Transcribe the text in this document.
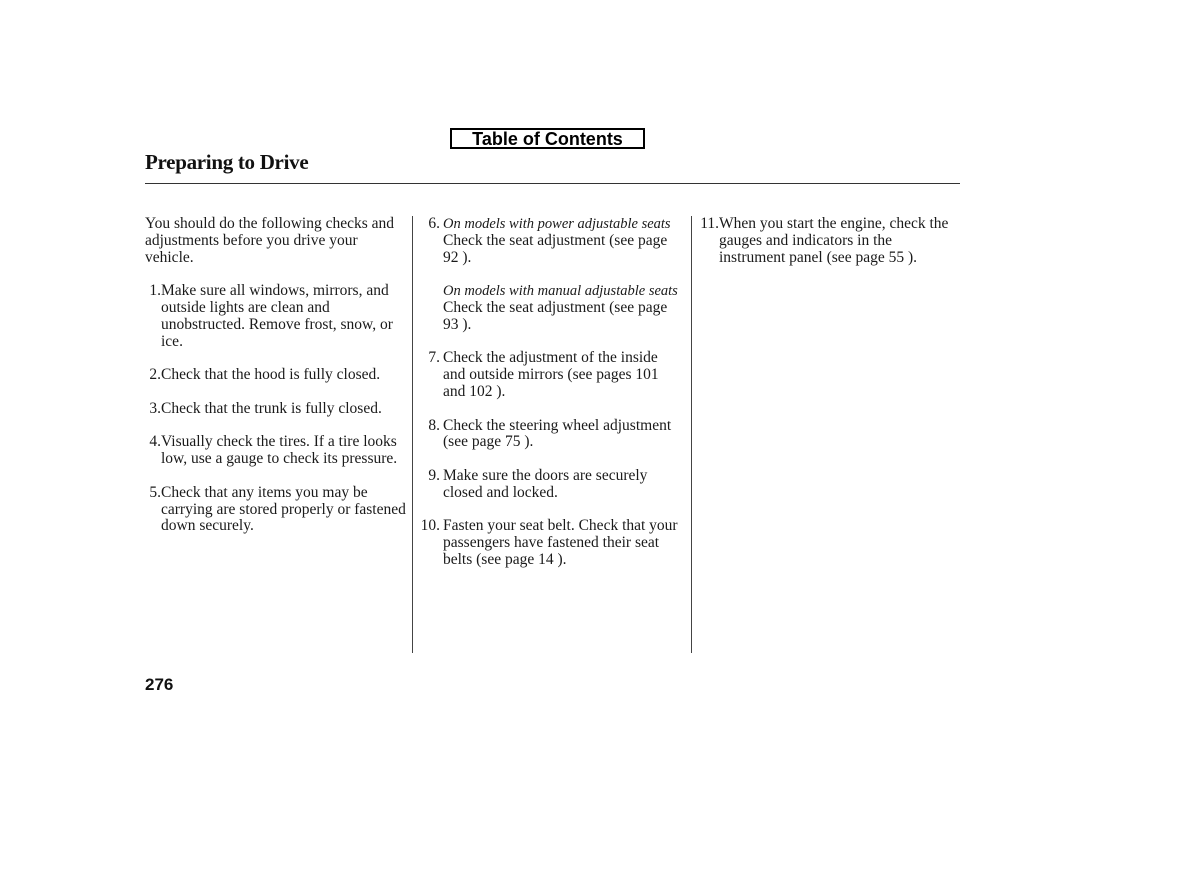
Table of Contents
Preparing to Drive

You should do the following checks and adjustments before you drive your vehicle.

1. Make sure all windows, mirrors, and outside lights are clean and unobstructed. Remove frost, snow, or ice.
2. Check that the hood is fully closed.
3. Check that the trunk is fully closed.
4. Visually check the tires. If a tire looks low, use a gauge to check its pressure.
5. Check that any items you may be carrying are stored properly or fastened down securely.
6. On models with power adjustable seats
Check the seat adjustment (see page 92 ).
On models with manual adjustable seats
Check the seat adjustment (see page 93 ).
7. Check the adjustment of the inside and outside mirrors (see pages 101 and 102 ).
8. Check the steering wheel adjustment (see page 75 ).
9. Make sure the doors are securely closed and locked.
10. Fasten your seat belt. Check that your passengers have fastened their seat belts (see page 14 ).
11. When you start the engine, check the gauges and indicators in the instrument panel (see page 55 ).
276
